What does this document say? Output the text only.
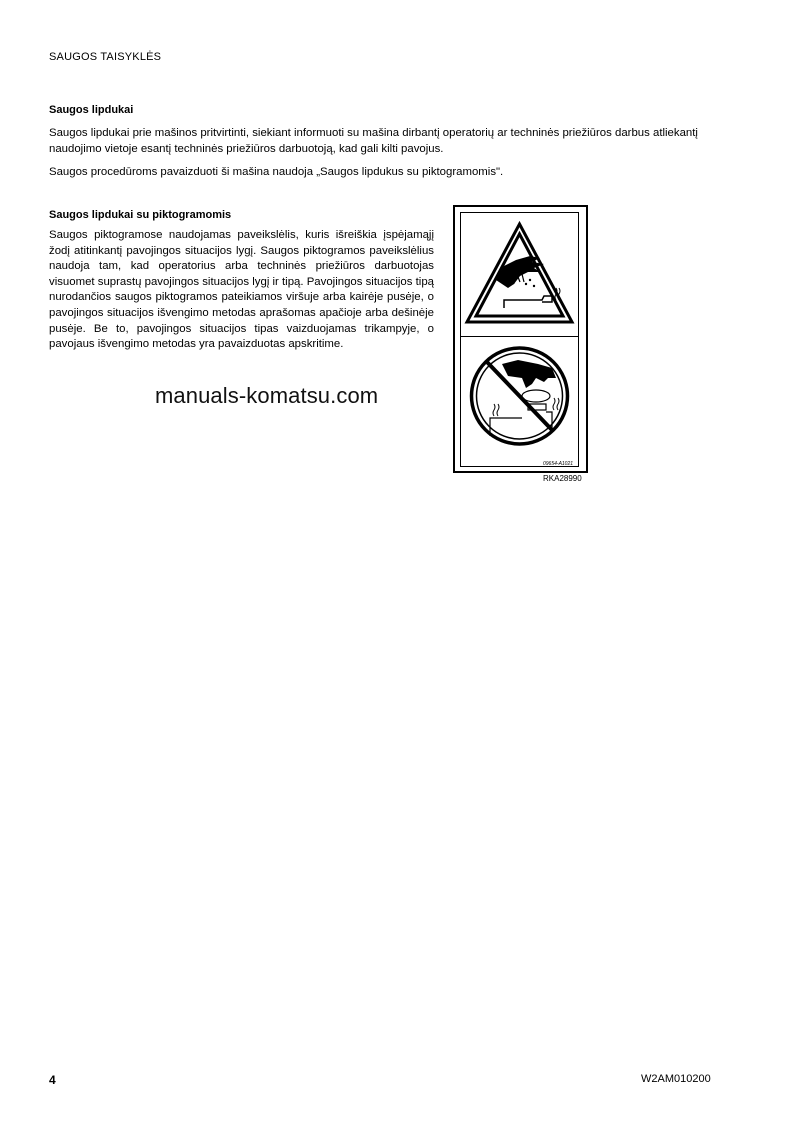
SAUGOS TAISYKLĖS
Saugos lipdukai
Saugos lipdukai prie mašinos pritvirtinti, siekiant informuoti su mašina dirbantį operatorių ar techninės priežiūros darbus atliekantį naudojimo vietoje esantį techninės priežiūros darbuotoją, kad gali kilti pavojus.
Saugos procedūroms pavaizduoti ši mašina naudoja „Saugos lipdukus su piktogramomis".
Saugos lipdukai su piktogramomis
Saugos piktogramose naudojamas paveikslėlis, kuris išreiškia įspėjamąjį žodį atitinkantį pavojingos situacijos lygį. Saugos piktogramos paveikslėlius naudoja tam, kad operatorius arba techninės priežiūros darbuotojas visuomet suprastų pavojingos situacijos lygį ir tipą. Pavojingos situacijos tipą nurodančios saugos piktogramos pateikiamos viršuje arba kairėje pusėje, o pavojingos situacijos išvengimo metodas aprašomas apačioje arba dešinėje pusėje. Be to, pavojingos situacijos tipas vaizduojamas trikampyje, o pavojaus išvengimo metodas yra pavaizduotas apskritime.
manuals-komatsu.com
09654-A1021
RKA28990
4	W2AM010200
